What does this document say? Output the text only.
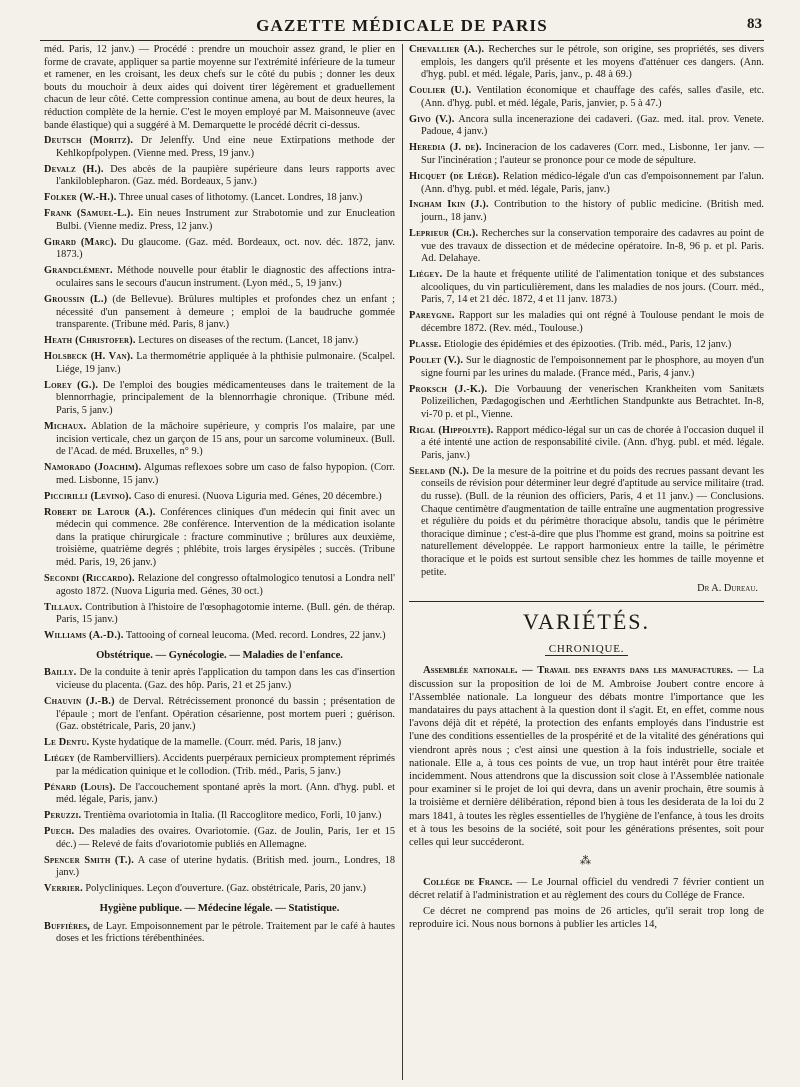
GAZETTE MÉDICALE DE PARIS	83

méd. Paris, 12 janv.) — Procédé : prendre un mouchoir assez grand, le plier en forme de cravate, appliquer sa partie moyenne sur l'extrémité inférieure de la tumeur et ramener, en les croisant, les deux chefs sur le côté du pubis ; donner les deux bouts du mouchoir à deux aides qui doivent tirer légèrement et graduellement chacun de leur côté. Cette compression continue amena, au bout de deux heures, la réduction complète de la hernie. C'est le moyen employé par M. Maisonneuve (avec bande élastique) qui a suggéré à M. Demarquette le procédé décrit ci-dessus.

Deutsch (Moritz). Dr Jelenffy. Und eine neue Extirpations methode der Kehlkopfpolypen. (Vienne med. Press, 19 janv.)

Devalz (H.). Des abcès de la paupière supérieure dans leurs rapports avec l'ankiloblepharon. (Gaz. méd. Bordeaux, 5 janv.)

Folker (W.-H.). Three unual cases of lithotomy. (Lancet. Londres, 18 janv.)

Frank (Samuel-L.). Ein neues Instrument zur Strabotomie und zur Enucleation Bulbi. (Vienne mediz. Press, 12 janv.)

Girard (Marc). Du glaucome. (Gaz. méd. Bordeaux, oct. nov. déc. 1872, janv. 1873.)

Grandclément. Méthode nouvelle pour établir le diagnostic des affections intra-oculaires sans le secours d'aucun instrument. (Lyon méd., 5, 19 janv.)

Groussin (L.) (de Bellevue). Brûlures multiples et profondes chez un enfant ; nécessité d'un pansement à demeure ; emploi de la baudruche gommée transparente. (Tribune méd. Paris, 8 janv.)

Heath (Christofer). Lectures on diseases of the rectum. (Lancet, 18 janv.)

Holsbeck (H. Van). La thermométrie appliquée à la phthisie pulmonaire. (Scalpel. Liége, 19 janv.)

Lorey (G.). De l'emploi des bougies médicamenteuses dans le traitement de la blennorrhagie, principalement de la blennorrhagie chronique. (Tribune méd. Paris, 5 janv.)

Michaux. Ablation de la mâchoire supérieure, y compris l'os malaire, par une incision verticale, chez un garçon de 15 ans, pour un sarcome volumineux. (Bull. de l'Acad. de méd. Bruxelles, n° 9.)

Namorado (Joachim). Algumas reflexoes sobre um caso de falso hypopion. (Corr. med. Lisbonne, 15 janv.)

Piccirilli (Levino). Caso di enuresi. (Nuova Liguria med. Génes, 20 décembre.)

Robert de Latour (A.). Conférences cliniques d'un médecin qui finit avec un médecin qui commence. 28e conférence. Intervention de la médication isolante dans la pratique chirurgicale : fracture comminutive ; brûlures aux deuxième, troisième, quatrième degrés ; phlébite, trois larges érysipèles ; succès. (Tribune méd. Paris, 19, 26 janv.)

Secondi (Riccardo). Relazione del congresso oftalmologico tenutosi a Londra nell' agosto 1872. (Nuova Liguria med. Génes, 30 oct.)

Tillaux. Contribution à l'histoire de l'œsophagotomie interne. (Bull. gén. de thérap. Paris, 15 janv.)

Williams (A.-D.). Tattooing of corneal leucoma. (Med. record. Londres, 22 janv.)

Obstétrique. — Gynécologie. — Maladies de l'enfance.

Bailly. De la conduite à tenir après l'application du tampon dans les cas d'insertion vicieuse du placenta. (Gaz. des hôp. Paris, 21 et 25 janv.)

Chauvin (J.-B.) de Derval. Rétrécissement prononcé du bassin ; présentation de l'épaule ; mort de l'enfant. Opération césarienne, post mortem pueri ; guérison. (Gaz. obstétricale, Paris, 20 janv.)

Le Dentu. Kyste hydatique de la mamelle. (Courr. méd. Paris, 18 janv.)

Liégey (de Rambervilliers). Accidents puerpéraux pernicieux promptement réprimés par la médication quinique et le collodion. (Trib. méd., Paris, 5 janv.)

Pénard (Louis). De l'accouchement spontané après la mort. (Ann. d'hyg. publ. et méd. légale, Paris, janv.)

Peruzzi. Trentièma ovariotomia in Italia. (Il Raccoglitore medico, Forli, 10 janv.)

Puech. Des maladies des ovaires. Ovariotomie. (Gaz. de Joulin, Paris, 1er et 15 déc.) — Relevé de faits d'ovariotomie publiés en Allemagne.

Spencer Smith (T.). A case of uterine hydatis. (British med. journ., Londres, 18 janv.)

Verrier. Polycliniques. Leçon d'ouverture. (Gaz. obstétricale, Paris, 20 janv.)

Hygiène publique. — Médecine légale. — Statistique.

Buffières, de Layr. Empoisonnement par le pétrole. Traitement par le café à hautes doses et les frictions térébenthinées.

Chevallier (A.). Recherches sur le pétrole, son origine, ses propriétés, ses divers emplois, les dangers qu'il présente et les moyens d'atténuer ces dangers. (Ann. d'hyg. publ. et méd. légale, Paris, janv., p. 48 à 69.)

Coulier (U.). Ventilation économique et chauffage des cafés, salles d'asile, etc. (Ann. d'hyg. publ. et méd. légale, Paris, janvier, p. 5 à 47.)

Givo (V.). Ancora sulla incenerazione dei cadaveri. (Gaz. med. ital. prov. Venete. Padoue, 4 janv.)

Heredia (J. de). Incineracion de los cadaveres (Corr. med., Lisbonne, 1er janv. — Sur l'incinération ; l'auteur se prononce pour ce mode de sépulture.

Hicquet (de Liége). Relation médico-légale d'un cas d'empoisonnement par l'alun. (Ann. d'hyg. publ. et méd. légale, Paris, janv.)

Ingham Ikin (J.). Contribution to the history of public medicine. (British med. journ., 18 janv.)

Leprieur (Ch.). Recherches sur la conservation temporaire des cadavres au point de vue des travaux de dissection et de médecine opératoire. In-8, 96 p. et pl. Paris. Ad. Delahaye.

Liégey. De la haute et fréquente utilité de l'alimentation tonique et des substances alcooliques, du vin particulièrement, dans les maladies de nos jours. (Courr. méd., Paris, 7, 14 et 21 déc. 1872, 4 et 11 janv. 1873.)

Pareygne. Rapport sur les maladies qui ont régné à Toulouse pendant le mois de décembre 1872. (Rev. méd., Toulouse.)

Plasse. Etiologie des épidémies et des épizooties. (Trib. méd., Paris, 12 janv.)

Poulet (V.). Sur le diagnostic de l'empoisonnement par le phosphore, au moyen d'un signe fourni par les urines du malade. (France méd., Paris, 4 janv.)

Proksch (J.-K.). Die Vorbauung der venerischen Krankheiten vom Sanitæts Polizeilichen, Pædagogischen und Æerhtlichen Standpunkte aus Betrachtet. In-8, vi-70 p. et pl., Vienne.

Rigal (Hippolyte). Rapport médico-légal sur un cas de chorée à l'occasion duquel il a été intenté une action de responsabilité civile. (Ann. d'hyg. publ. et méd. légale. Paris, janv.)

Seeland (N.). De la mesure de la poitrine et du poids des recrues passant devant les conseils de révision pour déterminer leur degré d'aptitude au service militaire (trad. du russe). (Bull. de la réunion des officiers, Paris, 4 et 11 janv.) — Conclusions. Chaque centimètre d'augmentation de taille entraîne une augmentation progressive et régulière du poids et du périmètre thoracique absolu, tandis que le périmètre thoracique diminue ; c'est-à-dire que plus l'homme est grand, moins sa poitrine est naturellement développée. Le rapport harmonieux entre la taille, le périmètre thoracique et le poids est surtout sensible chez les hommes de taille moyenne et petite.

Dr A. Dureau.
VARIÉTÉS.
CHRONIQUE.

Assemblée nationale. — Travail des enfants dans les manufactures. — La discussion sur la proposition de loi de M. Ambroise Joubert contre encore à l'Assemblée nationale. La longueur des débats montre l'importance que les mandataires du pays attachent à la question dont il s'agit. Et, en effet, comme nous l'avons déjà dit et répété, la protection des enfants employés dans l'industrie est l'une des conditions essentielles de la prospérité et de la vitalité des générations qui viendront après nous ; c'est ainsi une question à la fois industrielle, sociale et nationale. Elle a, à tous ces points de vue, un trop haut intérêt pour être traitée incidemment. Nous attendrons que la discussion soit close à l'Assemblée nationale pour examiner si le projet de loi qui devra, dans un avenir prochain, être soumis à la troisième et dernière délibération, répond bien à tous les desiderata de la loi du 2 mars 1841, à toutes les règles essentielles de l'hygiène de l'enfance, à tous les droits et à tous les besoins de la société, soit pour les générations présentes, soit pour celles qui leur succéderont.

⁂

Collége de France. — Le Journal officiel du vendredi 7 février contient un décret relatif à l'administration et au règlement des cours du Collége de France.

Ce décret ne comprend pas moins de 26 articles, qu'il serait trop long de reproduire ici. Nous nous bornons à publier les articles 14,
